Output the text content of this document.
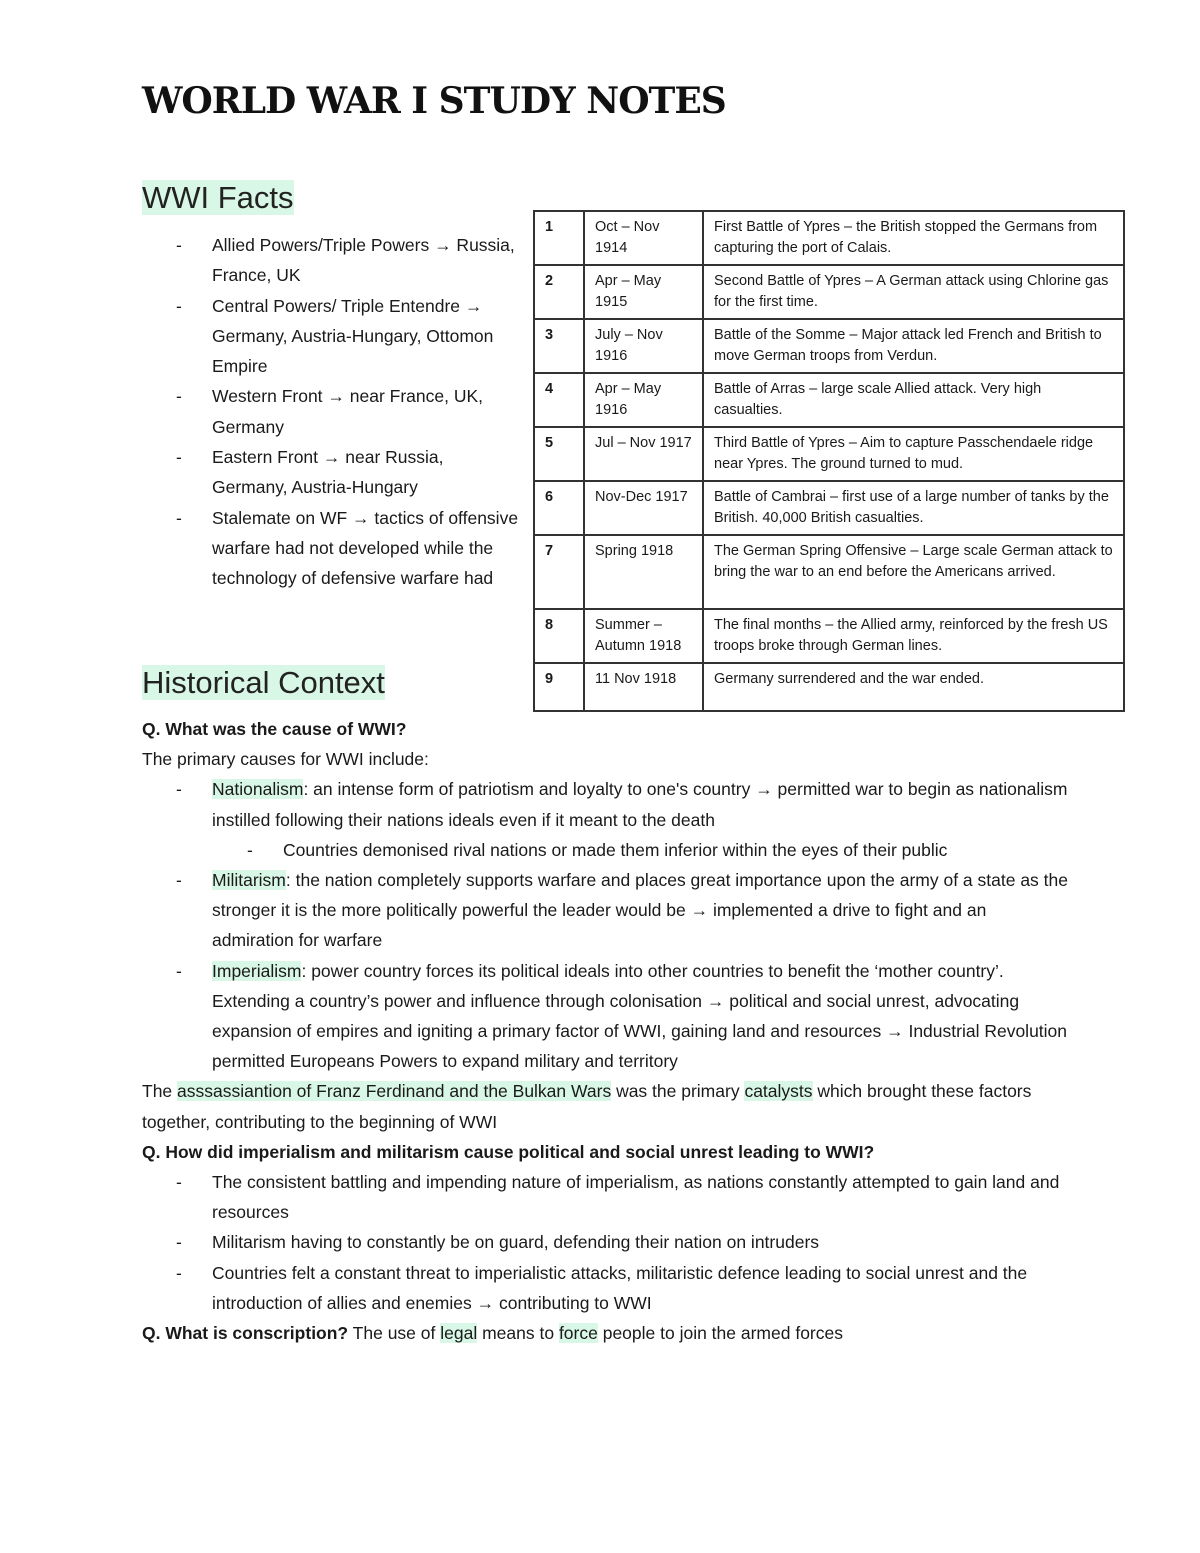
WORLD WAR I STUDY NOTES
WWI Facts
- Allied Powers/Triple Powers → Russia, France, UK
- Central Powers/ Triple Entendre → Germany, Austria-Hungary, Ottomon Empire
- Western Front → near France, UK, Germany
- Eastern Front → near Russia, Germany, Austria-Hungary
- Stalemate on WF → tactics of offensive warfare had not developed while the technology of defensive warfare had
1	Oct – Nov 1914	First Battle of Ypres – the British stopped the Germans from capturing the port of Calais.
2	Apr – May 1915	Second Battle of Ypres – A German attack using Chlorine gas for the first time.
3	July – Nov 1916	Battle of the Somme – Major attack led French and British to move German troops from Verdun.
4	Apr – May 1916	Battle of Arras – large scale Allied attack. Very high casualties.
5	Jul – Nov 1917	Third Battle of Ypres – Aim to capture Passchendaele ridge near Ypres. The ground turned to mud.
6	Nov-Dec 1917	Battle of Cambrai – first use of a large number of tanks by the British. 40,000 British casualties.
7	Spring 1918	The German Spring Offensive – Large scale German attack to bring the war to an end before the Americans arrived.
8	Summer – Autumn 1918	The final months – the Allied army, reinforced by the fresh US troops broke through German lines.
9	11 Nov 1918	Germany surrendered and the war ended.
Historical Context

Q. What was the cause of WWI?

The primary causes for WWI include:

- Nationalism: an intense form of patriotism and loyalty to one's country → permitted war to begin as nationalism instilled following their nations ideals even if it meant to the death
- Countries demonised rival nations or made them inferior within the eyes of their public
- Militarism: the nation completely supports warfare and places great importance upon the army of a state as the stronger it is the more politically powerful the leader would be → implemented a drive to fight and an admiration for warfare
- Imperialism: power country forces its political ideals into other countries to benefit the ‘mother country’. Extending a country’s power and influence through colonisation → political and social unrest, advocating expansion of empires and igniting a primary factor of WWI, gaining land and resources → Industrial Revolution permitted Europeans Powers to expand military and territory

The asssassiantion of Franz Ferdinand and the Bulkan Wars was the primary catalysts which brought these factors together, contributing to the beginning of WWI

Q. How did imperialism and militarism cause political and social unrest leading to WWI?

- The consistent battling and impending nature of imperialism, as nations constantly attempted to gain land and resources
- Militarism having to constantly be on guard, defending their nation on intruders
- Countries felt a constant threat to imperialistic attacks, militaristic defence leading to social unrest and the introduction of allies and enemies → contributing to WWI

Q. What is conscription? The use of legal means to force people to join the armed forces
